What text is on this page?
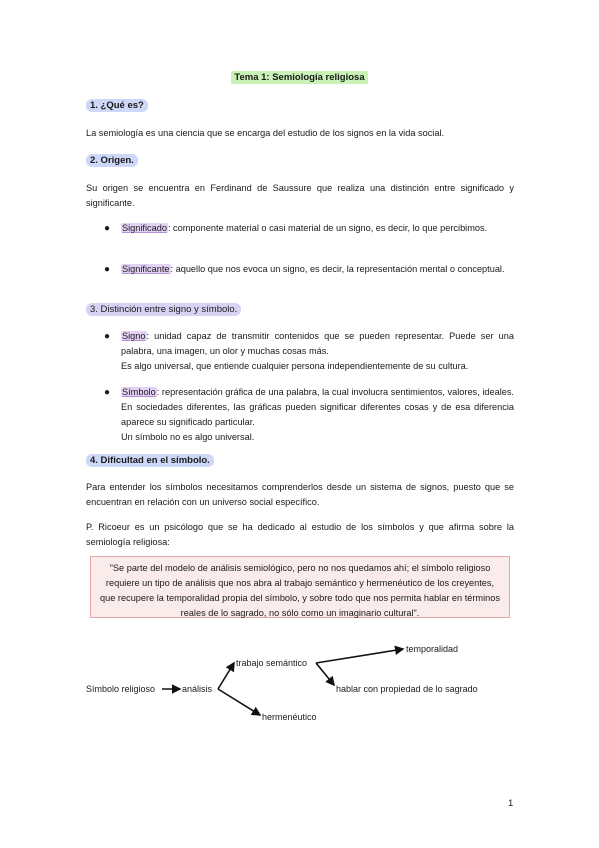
Tema 1: Semiología religiosa
1. ¿Qué es?
La semiología es una ciencia que se encarga del estudio de los signos en la vida social.
2. Origen.
Su origen se encuentra en Ferdinand de Saussure que realiza una distinción entre significado y significante.
● Significado: componente material o casi material de un signo, es decir, lo que percibimos.
● Significante: aquello que nos evoca un signo, es decir, la representación mental o conceptual.
3. Distinción entre signo y símbolo.
● Signo: unidad capaz de transmitir contenidos que se pueden representar. Puede ser una palabra, una imagen, un olor y muchas cosas más.
Es algo universal, que entiende cualquier persona independientemente de su cultura.
● Símbolo: representación gráfica de una palabra, la cual involucra sentimientos, valores, ideales. En sociedades diferentes, las gráficas pueden significar diferentes cosas y de esa diferencia aparece su significado particular.
Un símbolo no es algo universal.
4. Dificultad en el símbolo.
Para entender los símbolos necesitamos comprenderlos desde un sistema de signos, puesto que se encuentran en relación con un universo social específico.
P. Ricoeur es un psicólogo que se ha dedicado al estudio de los símbolos y que afirma sobre la semiología religiosa:
"Se parte del modelo de análisis semiológico, pero no nos quedamos ahí; el símbolo religioso requiere un tipo de análisis que nos abra al trabajo semántico y hermenéutico de los creyentes, que recupere la temporalidad propia del símbolo, y sobre todo que nos permita hablar en términos reales de lo sagrado, no sólo como un imaginario cultural".
Símbolo religioso	análisis
trabajo semántico
hermenéutico
temporalidad
hablar con propiedad de lo sagrado
1
